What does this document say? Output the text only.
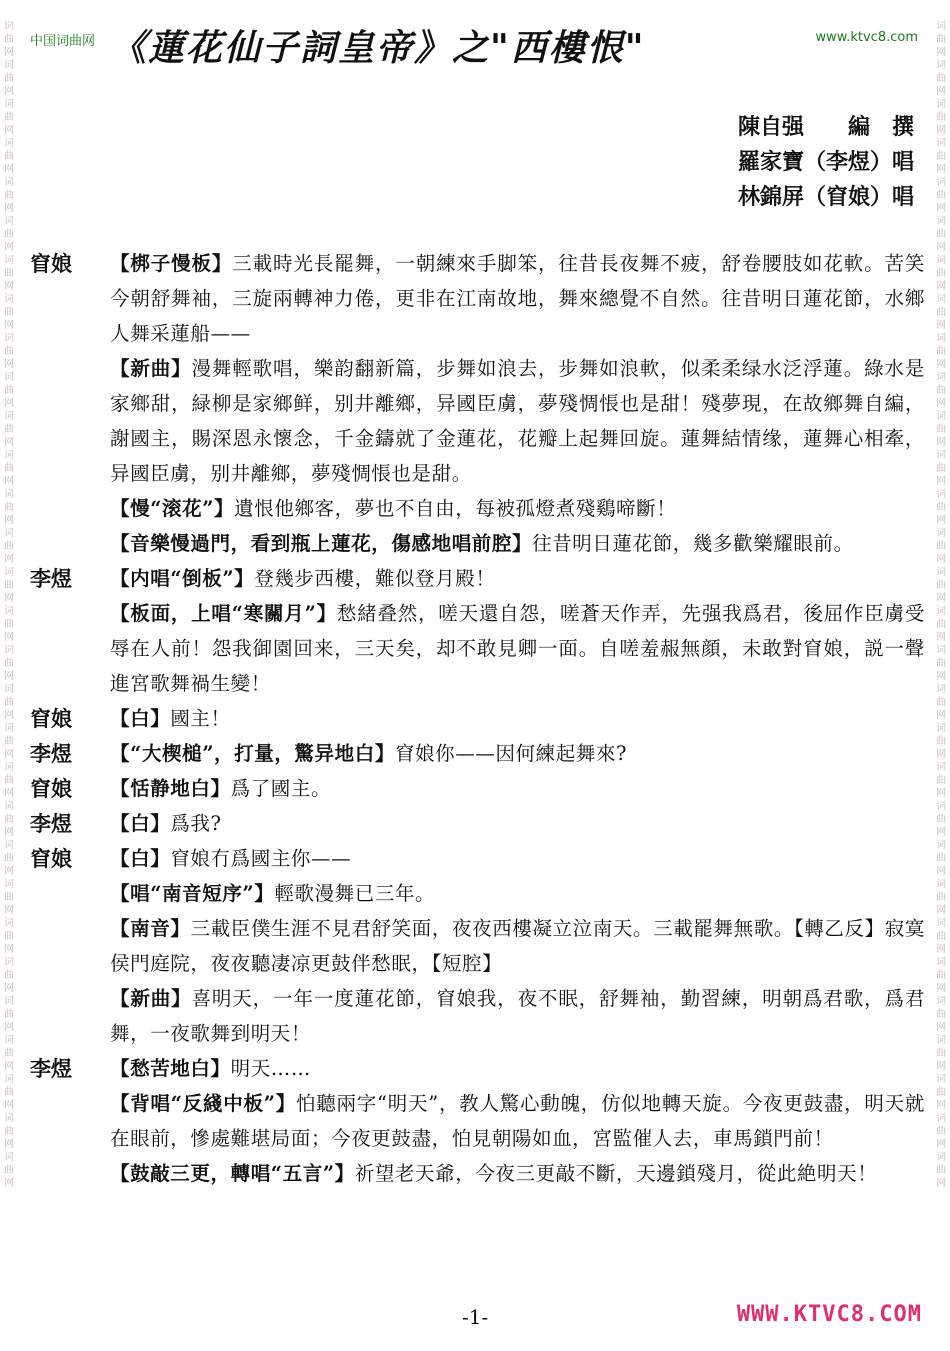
词曲网词曲网词曲网词曲网词曲网词曲网词曲网词曲网词曲网词曲网词曲网词曲网词曲网词曲网词曲网词曲网词曲网词曲网词曲网词曲网词曲网词曲网词曲网词曲网词曲网词曲网词曲网词曲网词曲网词曲网
词曲网词曲网词曲网词曲网词曲网词曲网词曲网词曲网词曲网词曲网词曲网词曲网词曲网词曲网词曲网词曲网词曲网词曲网词曲网词曲网词曲网词曲网词曲网词曲网词曲网词曲网词曲网词曲网词曲网词曲网
中国词曲网	www.ktvc8.com
《蓮花仙子詞皇帝》之"西樓恨"
陳自强　　編　撰
羅家寶（李煜）唱
林錦屏（窅娘）唱
窅娘	【梆子慢板】三載時光長罷舞，一朝練來手脚笨，往昔長夜舞不疲，舒卷腰肢如花軟。苦笑今朝舒舞袖，三旋兩轉神力倦，更非在江南故地，舞來總覺不自然。往昔明日蓮花節，水鄉人舞采蓮船——

【新曲】漫舞輕歌唱，樂韵翻新篇，步舞如浪去，步舞如浪軟，似柔柔绿水泛浮蓮。綠水是家鄉甜，緑柳是家鄉鲜，别井離鄉，异國臣虜，夢殘惆悵也是甜！殘夢現，在故鄉舞自編，謝國主，賜深恩永懷念，千金鑄就了金蓮花，花瓣上起舞回旋。蓮舞結情缘，蓮舞心相牽，异國臣虜，别井離鄉，夢殘惆悵也是甜。

【慢“滚花”】遺恨他鄉客，夢也不自由，每被孤燈煮殘鷄啼斷！

【音樂慢過門，看到瓶上蓮花，傷感地唱前腔】往昔明日蓮花節，幾多歡樂耀眼前。

李煜	【内唱“倒板”】登幾步西樓，難似登月殿！

【板面，上唱“寒關月”】愁緒叠然，嗟天還自怨，嗟蒼天作弄，先强我爲君，後屈作臣虜受辱在人前！怨我御園回来，三天矣，却不敢見卿一面。自嗟羞赧無顔，未敢對窅娘，説一聲進宮歌舞禍生變！

窅娘	【白】國主！

李煜	【“大楔槌”，打量，驚异地白】窅娘你——因何練起舞來?

窅娘	【恬静地白】爲了國主。

李煜	【白】爲我?

窅娘	【白】窅娘冇爲國主你——

【唱“南音短序”】輕歌漫舞已三年。

【南音】三載臣僕生涯不見君舒笑面，夜夜西樓凝立泣南天。三載罷舞無歌。【轉乙反】寂寞侯門庭院，夜夜聽凄凉更鼓伴愁眠，【短腔】

【新曲】喜明天，一年一度蓮花節，窅娘我，夜不眠，舒舞袖，勤習練，明朝爲君歌，爲君舞，一夜歌舞到明天！

李煜	【愁苦地白】明天……

【背唱“反綫中板”】怕聽兩字“明天”，教人驚心動魄，仿似地轉天旋。今夜更鼓盡，明天就在眼前，慘處難堪局面；今夜更鼓盡，怕見朝陽如血，宮監催人去，車馬鎖門前！

【鼓敲三更，轉唱“五言”】祈望老天爺，今夜三更敲不斷，天邊鎖殘月，從此絶明天！

-1-	WWW.KTVC8.COM
